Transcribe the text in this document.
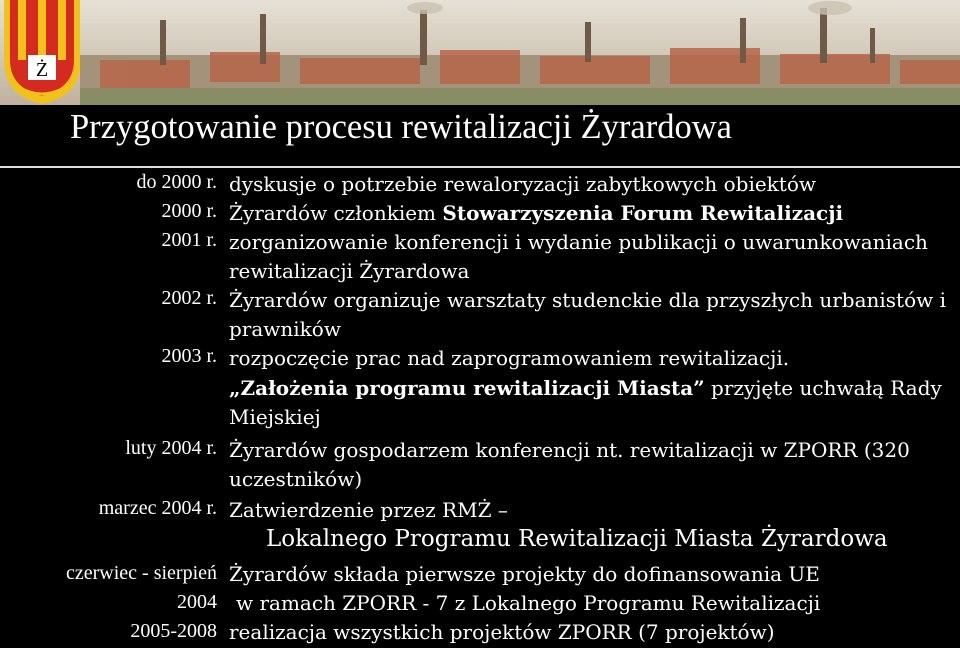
Ż
Przygotowanie procesu rewitalizacji Żyrardowa
do 2000 r. dyskusje o potrzebie rewaloryzacji zabytkowych obiektów
2000 r. Żyrardów członkiem Stowarzyszenia Forum Rewitalizacji
2001 r. zorganizowanie konferencji i wydanie publikacji o uwarunkowaniach
rewitalizacji Żyrardowa
2002 r. Żyrardów organizuje warsztaty studenckie dla przyszłych urbanistów i
prawników
2003 r. rozpoczęcie prac nad zaprogramowaniem rewitalizacji.
„Założenia programu rewitalizacji Miasta” przyjęte uchwałą Rady
Miejskiej
luty 2004 r. Żyrardów gospodarzem konferencji nt. rewitalizacji w ZPORR (320
uczestników)
marzec 2004 r. Zatwierdzenie przez RMŻ –
Lokalnego Programu Rewitalizacji Miasta Żyrardowa
czerwiec - sierpień
2004
Żyrardów składa pierwsze projekty do dofinansowania UE
w ramach ZPORR - 7 z Lokalnego Programu Rewitalizacji
2005-2008 realizacja wszystkich projektów ZPORR (7 projektów)
